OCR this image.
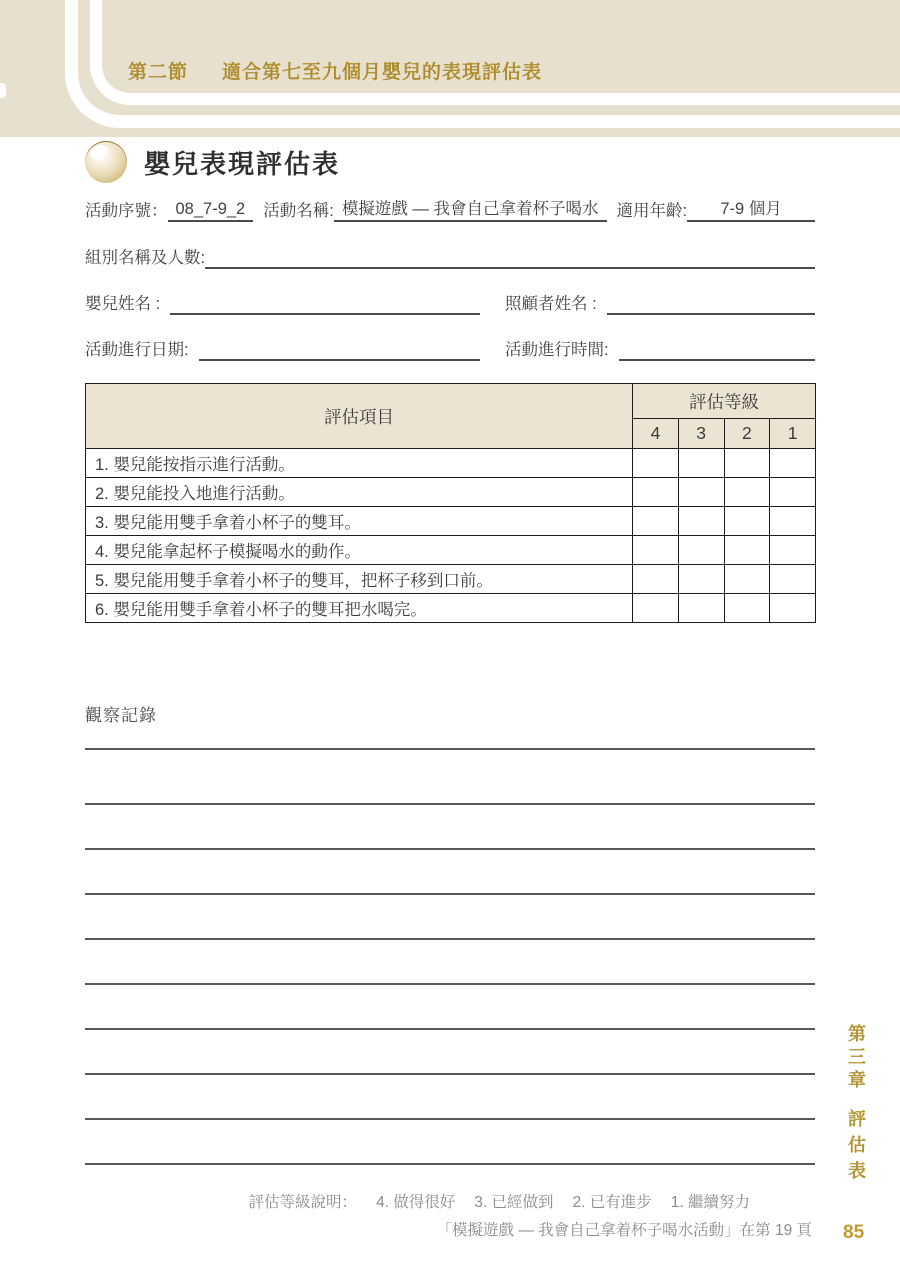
第二節 適合第七至九個月嬰兒的表現評估表
嬰兒表現評估表
活動序號： 08_7-9_2	活動名稱: 模擬遊戲 — 我會自己拿着杯子喝水	適用年齡:	7-9 個月
組別名稱及人數:
嬰兒姓名 :	照顧者姓名 :
活動進行日期:	活動進行時間:
評估項目	評估等級			
	4	3	2	1
1. 嬰兒能按指示進行活動。				
2. 嬰兒能投入地進行活動。				
3. 嬰兒能用雙手拿着小杯子的雙耳。				
4. 嬰兒能拿起杯子模擬喝水的動作。				
5. 嬰兒能用雙手拿着小杯子的雙耳，把杯子移到口前。				
6. 嬰兒能用雙手拿着小杯子的雙耳把水喝完。				
觀察記錄
第三章評估表
評估等級說明： 4. 做得很好 3. 已經做到 2. 已有進步 1. 繼續努力
「模擬遊戲 — 我會自己拿着杯子喝水活動」在第 19 頁 85
